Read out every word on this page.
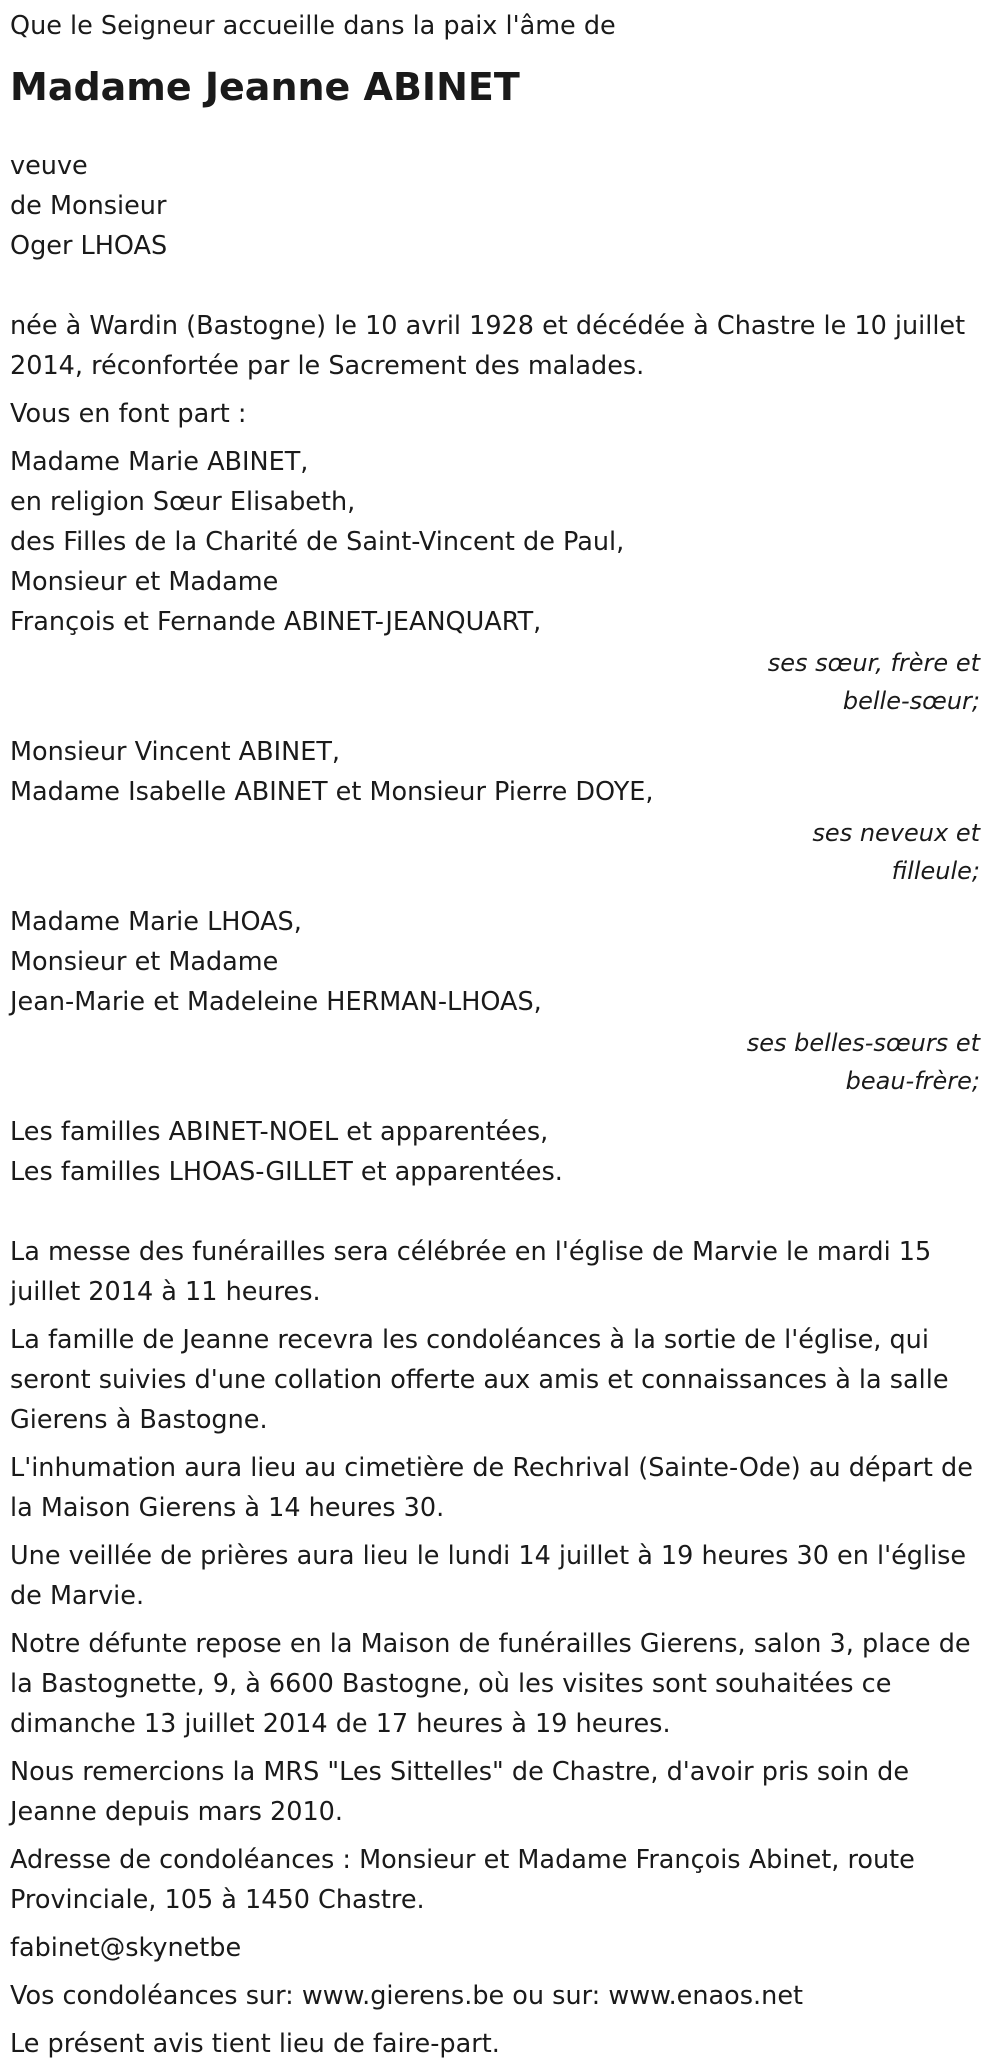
Que le Seigneur accueille dans la paix l'âme de

Madame Jeanne ABINET
veuve
de Monsieur
Oger LHOAS

née à Wardin (Bastogne) le 10 avril 1928 et décédée à Chastre le 10 juillet 2014, réconfortée par le Sacrement des malades.

Vous en font part :

Madame Marie ABINET,
en religion Sœur Elisabeth,
des Filles de la Charité de Saint-Vincent de Paul,
Monsieur et Madame
François et Fernande ABINET-JEANQUART,
ses sœur, frère et belle-sœur;
Monsieur Vincent ABINET,
Madame Isabelle ABINET et Monsieur Pierre DOYE,
ses neveux et filleule;
Madame Marie LHOAS,
Monsieur et Madame
Jean-Marie et Madeleine HERMAN-LHOAS,
ses belles-sœurs et beau-frère;
Les familles ABINET-NOEL et apparentées,
Les familles LHOAS-GILLET et apparentées.

La messe des funérailles sera célébrée en l'église de Marvie le mardi 15 juillet 2014 à 11 heures.

La famille de Jeanne recevra les condoléances à la sortie de l'église, qui seront suivies d'une collation offerte aux amis et connaissances à la salle Gierens à Bastogne.

L'inhumation aura lieu au cimetière de Rechrival (Sainte-Ode) au départ de la Maison Gierens à 14 heures 30.

Une veillée de prières aura lieu le lundi 14 juillet à 19 heures 30 en l'église de Marvie.

Notre défunte repose en la Maison de funérailles Gierens, salon 3, place de la Bastognette, 9, à 6600 Bastogne, où les visites sont souhaitées ce dimanche 13 juillet 2014 de 17 heures à 19 heures.

Nous remercions la MRS "Les Sittelles" de Chastre, d'avoir pris soin de Jeanne depuis mars 2010.

Adresse de condoléances : Monsieur et Madame François Abinet, route Provinciale, 105 à 1450 Chastre.

fabinet@skynetbe

Vos condoléances sur: www.gierens.be ou sur: www.enaos.net

Le présent avis tient lieu de faire-part.
